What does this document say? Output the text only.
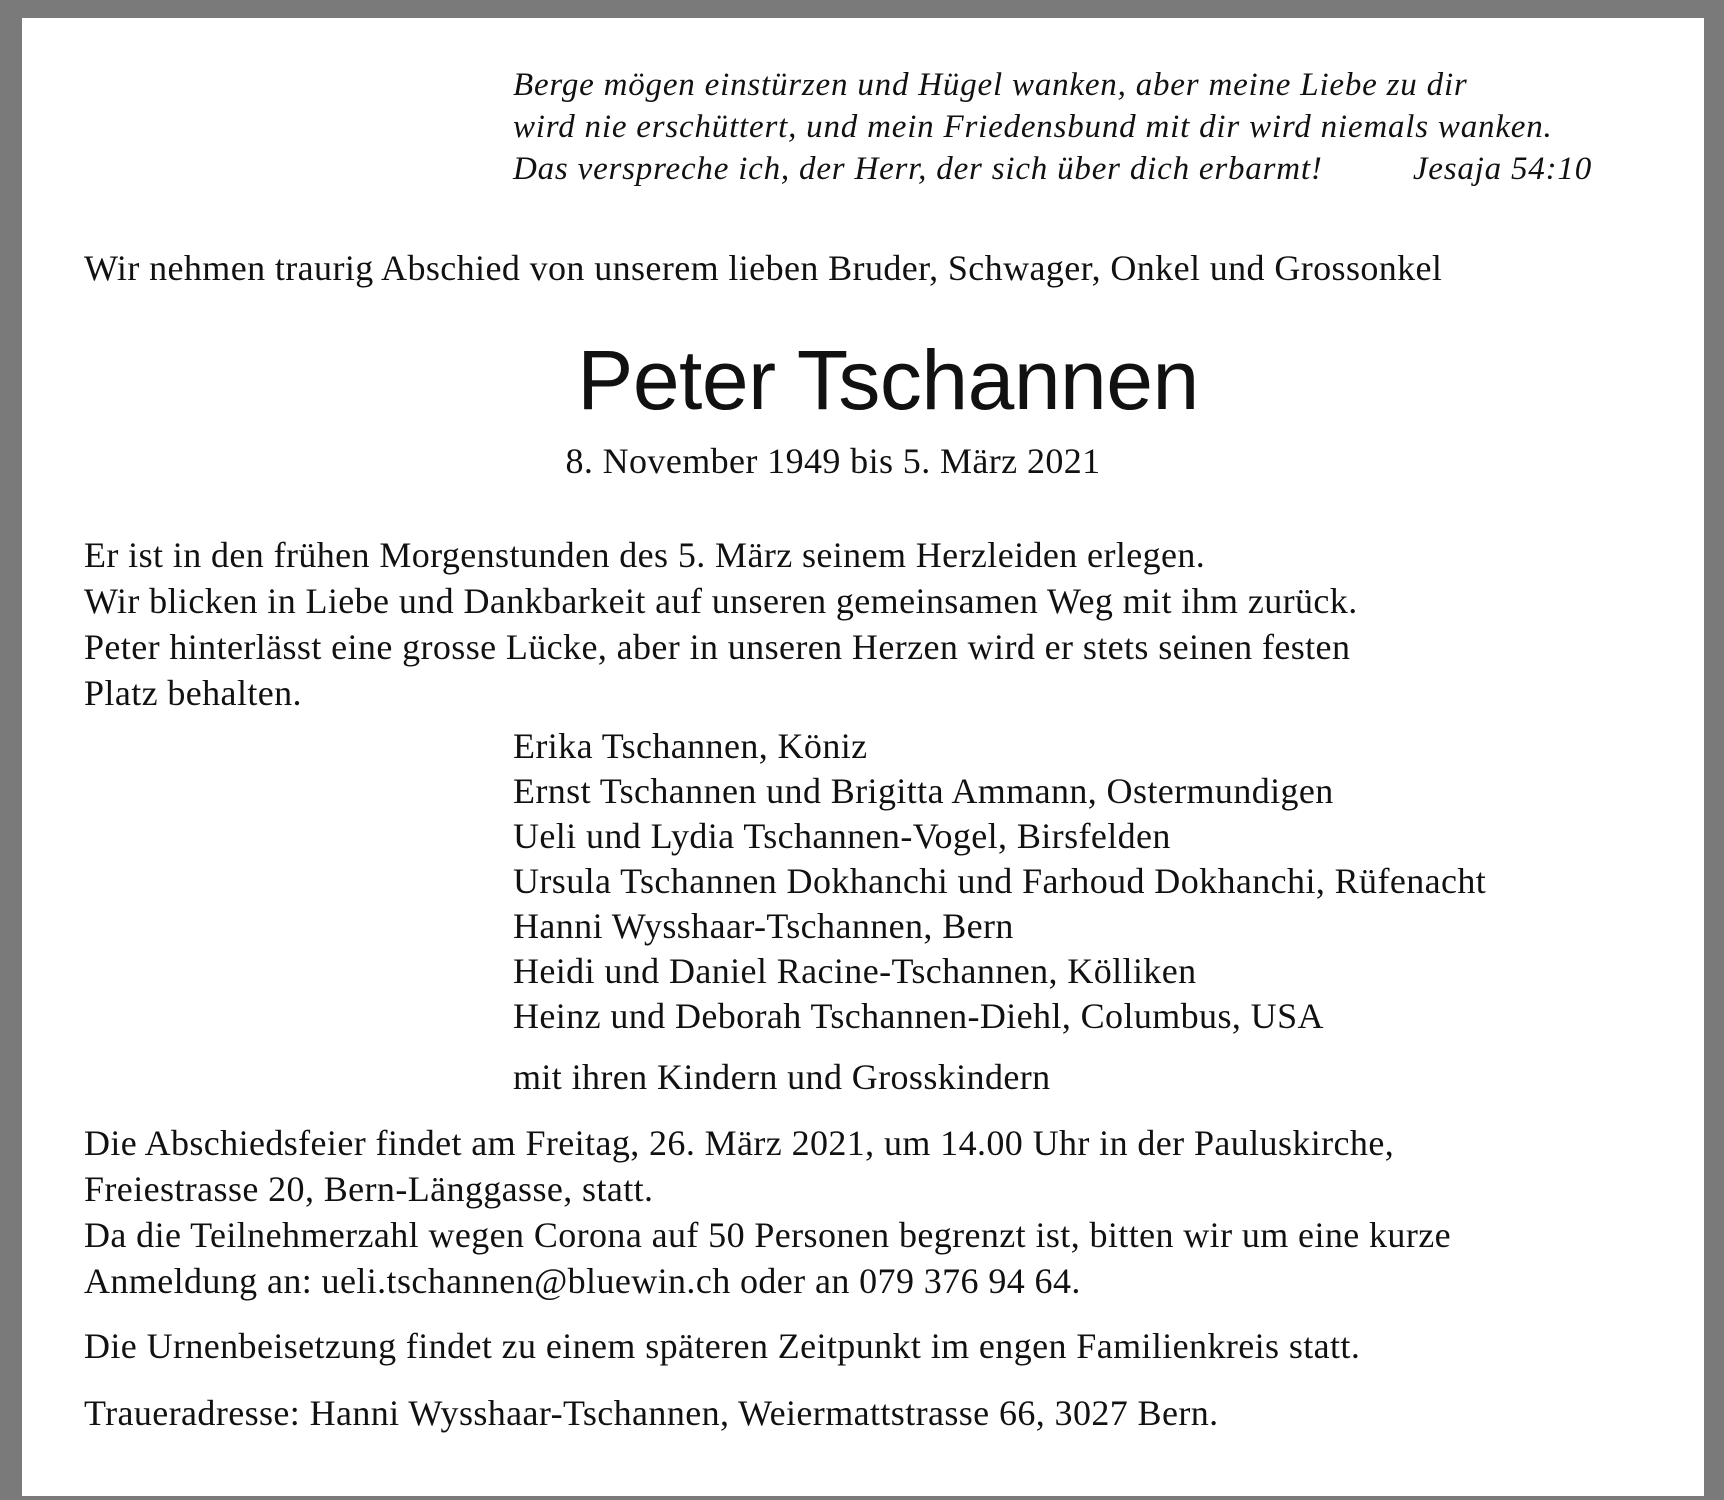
Berge mögen einstürzen und Hügel wanken, aber meine Liebe zu dir

wird nie erschüttert, und mein Friedensbund mit dir wird niemals wanken.

Das verspreche ich, der Herr, der sich über dich erbarmt!	Jesaja 54:10
Wir nehmen traurig Abschied von unserem lieben Bruder, Schwager, Onkel und Grossonkel
Peter Tschannen
8. November 1949 bis 5. März 2021

Er ist in den frühen Morgenstunden des 5. März seinem Herzleiden erlegen.

Wir blicken in Liebe und Dankbarkeit auf unseren gemeinsamen Weg mit ihm zurück.

Peter hinterlässt eine grosse Lücke, aber in unseren Herzen wird er stets seinen festen

Platz behalten.

Erika Tschannen, Köniz
Ernst Tschannen und Brigitta Ammann, Ostermundigen
Ueli und Lydia Tschannen-Vogel, Birsfelden
Ursula Tschannen Dokhanchi und Farhoud Dokhanchi, Rüfenacht
Hanni Wysshaar-Tschannen, Bern
Heidi und Daniel Racine-Tschannen, Kölliken
Heinz und Deborah Tschannen-Diehl, Columbus, USA
mit ihren Kindern und Grosskindern

Die Abschiedsfeier findet am Freitag, 26. März 2021, um 14.00 Uhr in der Pauluskirche,

Freiestrasse 20, Bern-Länggasse, statt.

Da die Teilnehmerzahl wegen Corona auf 50 Personen begrenzt ist, bitten wir um eine kurze

Anmeldung an: ueli.tschannen@bluewin.ch oder an 079 376 94 64.

Die Urnenbeisetzung findet zu einem späteren Zeitpunkt im engen Familienkreis statt.
Traueradresse: Hanni Wysshaar-Tschannen, Weiermattstrasse 66, 3027 Bern.
